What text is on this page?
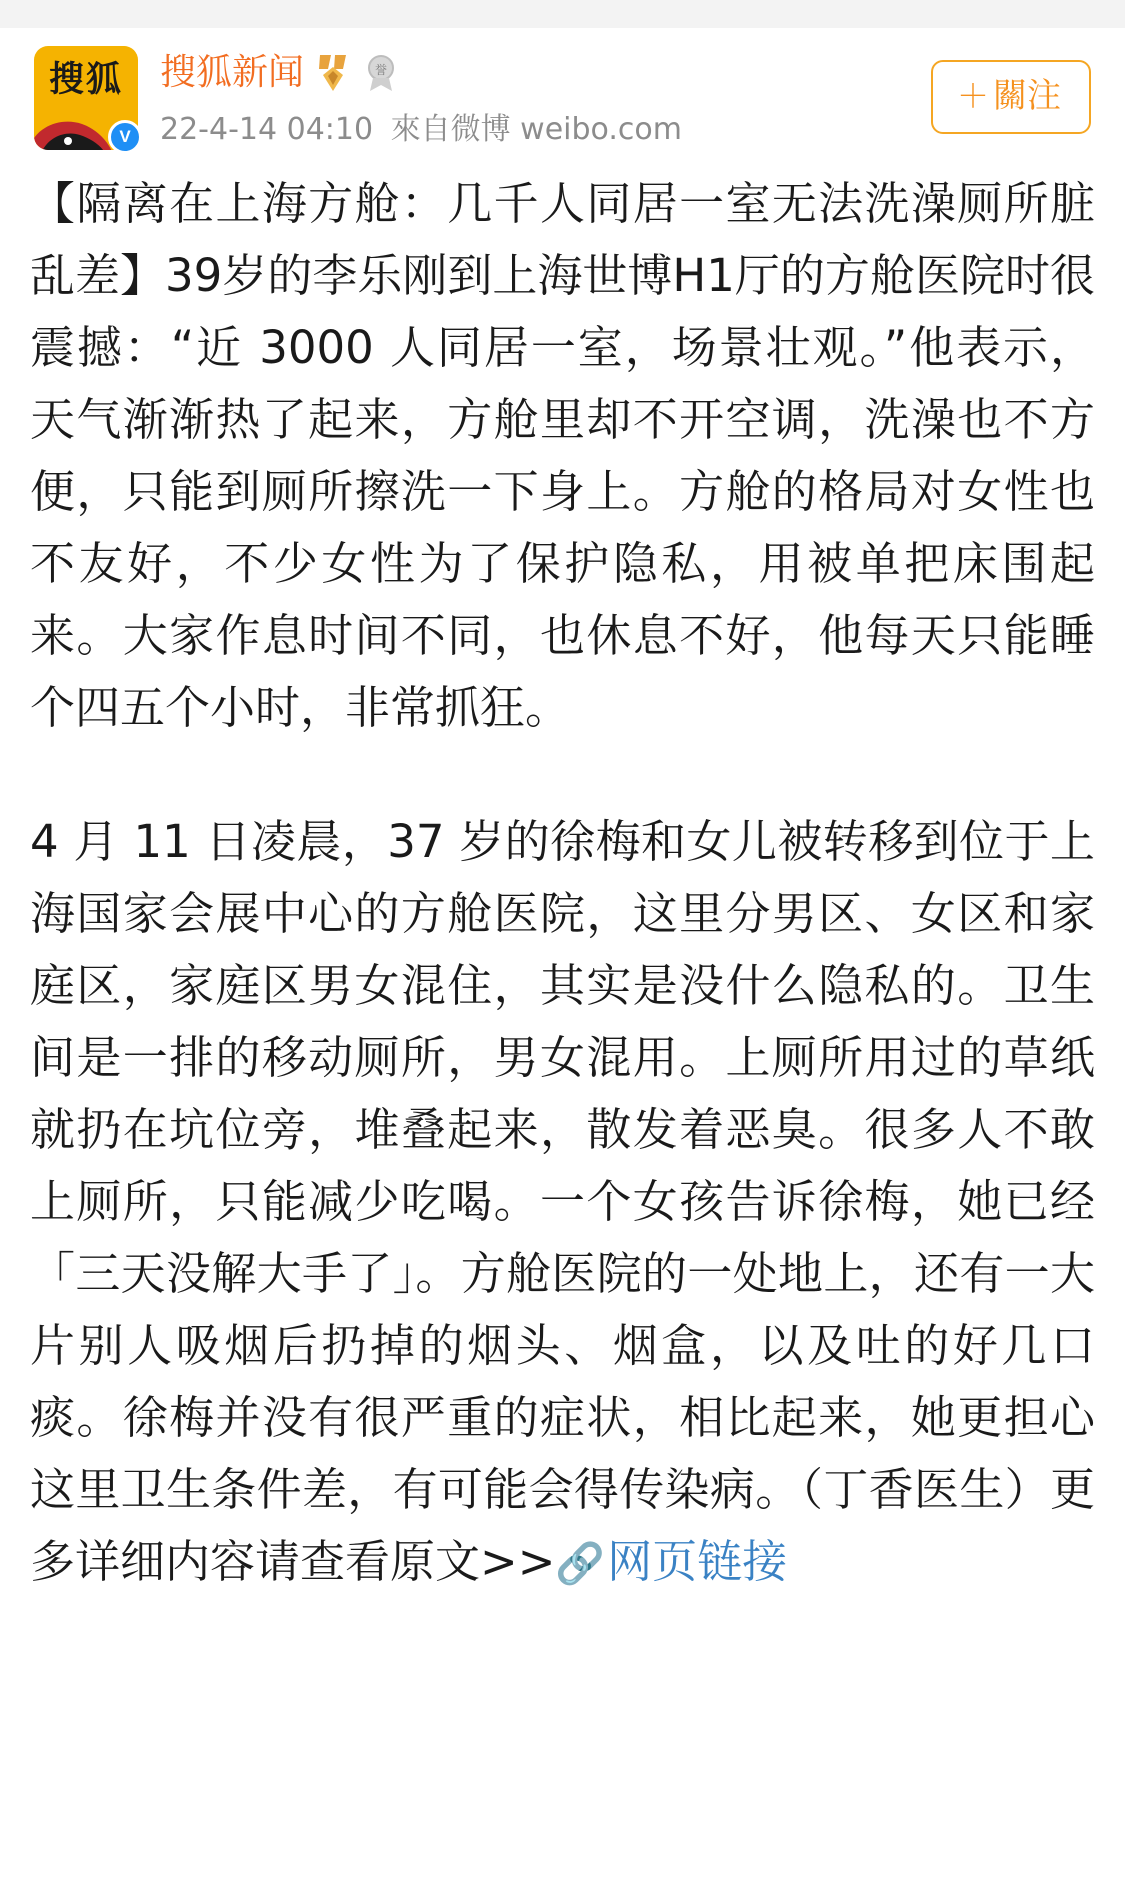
搜狐
V
搜狐新闻	誉
22-4-14 04:10 來自微博 weibo.com
＋ 關注

【隔离在上海方舱：几千人同居一室无法洗澡厕所脏乱差】39岁的李乐刚到上海世博H1厅的方舱医院时很震撼：“近 3000 人同居一室，场景壮观。”他表示，天气渐渐热了起来，方舱里却不开空调，洗澡也不方便，只能到厕所擦洗一下身上。方舱的格局对女性也不友好，不少女性为了保护隐私，用被单把床围起来。大家作息时间不同，也休息不好，他每天只能睡个四五个小时，非常抓狂。

4 月 11 日凌晨，37 岁的徐梅和女儿被转移到位于上海国家会展中心的方舱医院，这里分男区、女区和家庭区，家庭区男女混住，其实是没什么隐私的。卫生间是一排的移动厕所，男女混用。上厕所用过的草纸就扔在坑位旁，堆叠起来，散发着恶臭。很多人不敢上厕所，只能减少吃喝。一个女孩告诉徐梅，她已经「三天没解大手了」。方舱医院的一处地上，还有一大片别人吸烟后扔掉的烟头、烟盒，以及吐的好几口痰。徐梅并没有很严重的症状，相比起来，她更担心这里卫生条件差，有可能会得传染病。（丁香医生）更多详细内容请查看原文>>🔗网页链接
